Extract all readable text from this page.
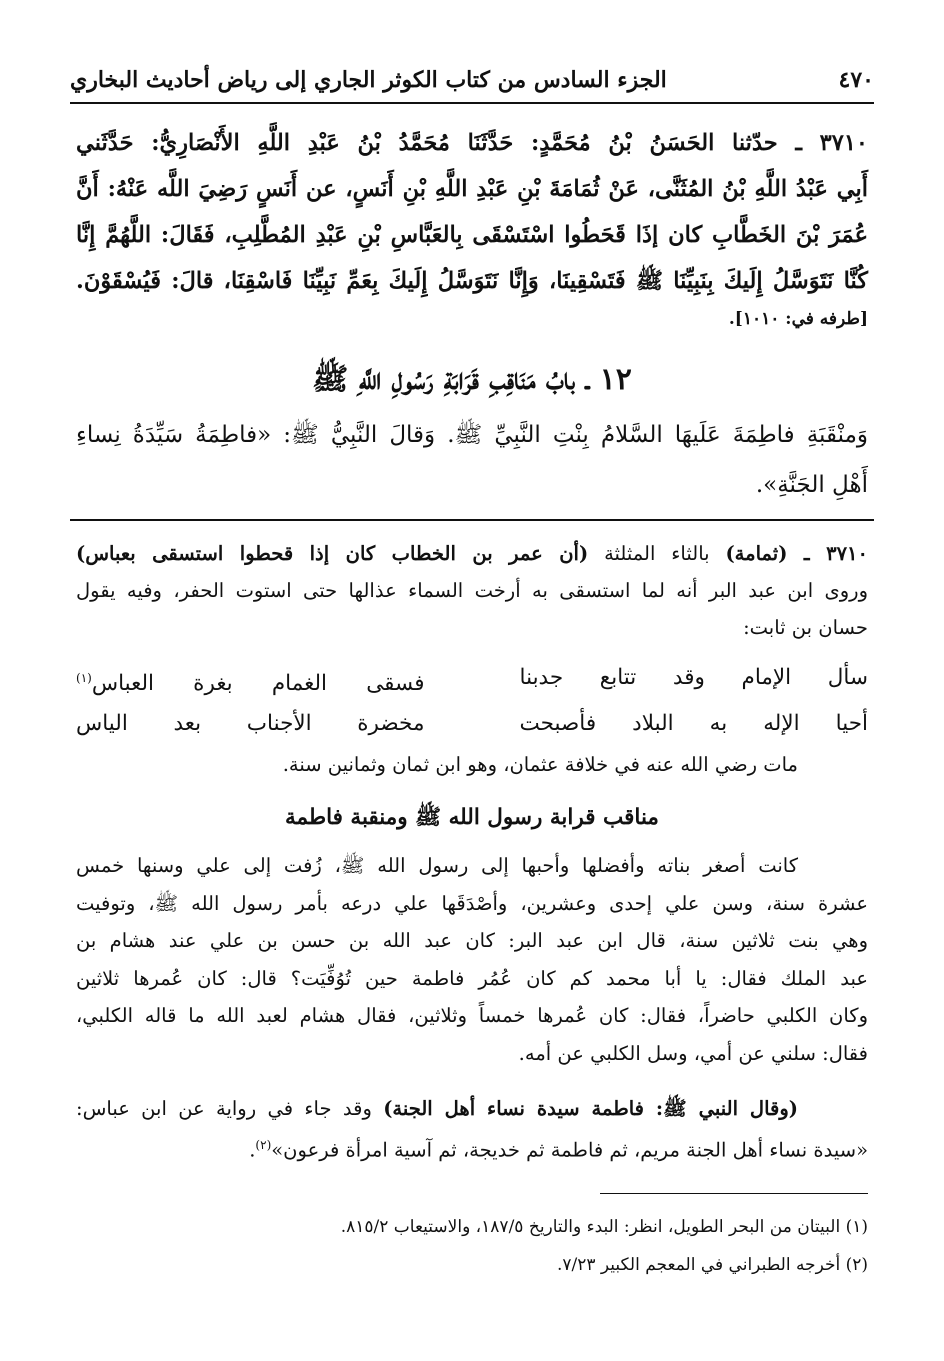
٤٧٠
الجزء السادس من كتاب الكوثر الجاري إلى رياض أحاديث البخاري
٣٧١٠ ـ حدّثنا الحَسَنُ بْنُ مُحَمَّدٍ: حَدَّثَنَا مُحَمَّدُ بْنُ عَبْدِ اللَّهِ الأَنْصَارِيُّ: حَدَّثَني
أَبِي عَبْدُ اللَّهِ بْنُ المُثَنَّى، عَنْ ثُمَامَةَ بْنِ عَبْدِ اللَّهِ بْنِ أَنَسٍ، عن أَنَسٍ رَضِيَ اللَّه عَنْهُ: أَنَّ
عُمَرَ بْنَ الخَطَّابِ كان إذَا قَحَطُوا اسْتَسْقَى بِالعَبَّاسِ بْنِ عَبْدِ المُطَّلِبِ، فَقَالَ: اللَّهُمَّ إِنَّا
كُنَّا نَتَوَسَّلُ إِلَيكَ بِنَبِيِّنَا ﷺ فَتَسْقِينَا، وَإِنَّا نَتَوَسَّلُ إِلَيكَ بِعَمِّ نَبِيِّنَا فَاسْقِنَا، قالَ: فَيُسْقَوْنَ.
[طرفه في: ١٠١٠].
١٢ ـ بابُ مَنَاقِبِ قَرَابَةِ رَسُولِ اللَّهِ ﷺ
وَمنْقَبَةِ فاطِمَةَ عَلَيهَا السَّلامُ بِنْتِ النَّبِيِّ ﷺ. وَقالَ النَّبِيُّ ﷺ: «فاطِمَةُ سَيِّدَةُ نِساءِ
أَهْلِ الجَنَّةِ».
٣٧١٠ ـ (ثمامة) بالثاء المثلثة (أن عمر بن الخطاب كان إذا قحطوا استسقى بعباس)
وروى ابن عبد البر أنه لما استسقى به أرخت السماء عذالها حتى استوت الحفر، وفيه يقول
حسان بن ثابت:
سأل الإمام وقد تتابع جدبنا
فسقى الغمام بغرة العباس$^{(١)}$
أحيا الإله به البلاد فأصبحت
مخضرة الأجناب بعد الياس
مات رضي الله عنه في خلافة عثمان، وهو ابن ثمان وثمانين سنة.
مناقب قرابة رسول الله ﷺ ومنقبة فاطمة
كانت أصغر بناته وأفضلها وأحبها إلى رسول الله ﷺ، زُفت إلى علي وسنها خمس
عشرة سنة، وسن علي إحدى وعشرين، وأصْدَقَها علي درعه بأمر رسول الله ﷺ، وتوفيت
وهي بنت ثلاثين سنة، قال ابن عبد البر: كان عبد الله بن حسن بن علي عند هشام بن
عبد الملك فقال: يا أبا محمد كم كان عُمُر فاطمة حين تُوُفِّيَت؟ قال: كان عُمرها ثلاثين
وكان الكلبي حاضراً، فقال: كان عُمرها خمساً وثلاثين، فقال هشام لعبد الله ما قاله الكلبي،
فقال: سلني عن أمي، وسل الكلبي عن أمه.
(وقال النبي ﷺ: فاطمة سيدة نساء أهل الجنة) وقد جاء في رواية عن ابن عباس:
«سيدة نساء أهل الجنة مريم، ثم فاطمة ثم خديجة، ثم آسية امرأة فرعون»$^{(٢)}$.
(١) البيتان من البحر الطويل، انظر: البدء والتاريخ ١٨٧/٥، والاستيعاب ٨١٥/٢.
(٢) أخرجه الطبراني في المعجم الكبير ٧/٢٣.
